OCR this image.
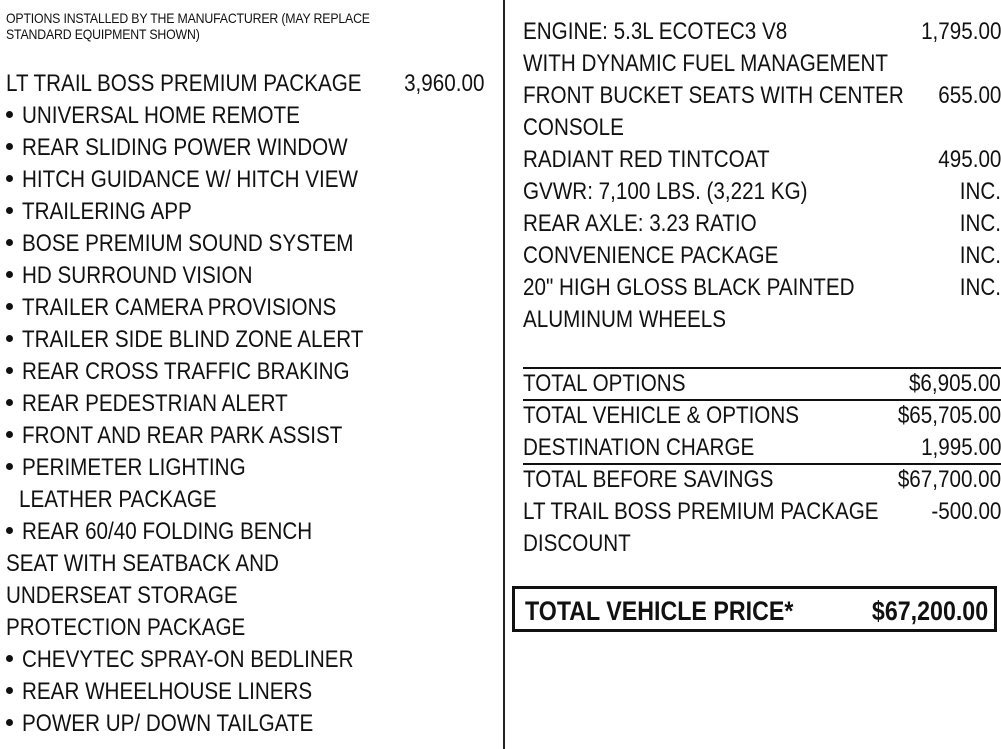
OPTIONS INSTALLED BY THE MANUFACTURER (MAY REPLACE
STANDARD EQUIPMENT SHOWN)
LT TRAIL BOSS PREMIUM PACKAGE	3,960.00
UNIVERSAL HOME REMOTE
REAR SLIDING POWER WINDOW
HITCH GUIDANCE W/ HITCH VIEW
TRAILERING APP
BOSE PREMIUM SOUND SYSTEM
HD SURROUND VISION
TRAILER CAMERA PROVISIONS
TRAILER SIDE BLIND ZONE ALERT
REAR CROSS TRAFFIC BRAKING
REAR PEDESTRIAN ALERT
FRONT AND REAR PARK ASSIST
PERIMETER LIGHTING
LEATHER PACKAGE
REAR 60/40 FOLDING BENCH
SEAT WITH SEATBACK AND
UNDERSEAT STORAGE
PROTECTION PACKAGE
CHEVYTEC SPRAY-ON BEDLINER
REAR WHEELHOUSE LINERS
POWER UP/ DOWN TAILGATE
ENGINE: 5.3L ECOTEC3 V8	1,795.00
WITH DYNAMIC FUEL MANAGEMENT
FRONT BUCKET SEATS WITH CENTER	655.00
CONSOLE
RADIANT RED TINTCOAT	495.00
GVWR: 7,100 LBS. (3,221 KG)	INC.
REAR AXLE: 3.23 RATIO	INC.
CONVENIENCE PACKAGE	INC.
20" HIGH GLOSS BLACK PAINTED	INC.
ALUMINUM WHEELS
TOTAL OPTIONS	$6,905.00
TOTAL VEHICLE & OPTIONS	$65,705.00
DESTINATION CHARGE	1,995.00
TOTAL BEFORE SAVINGS	$67,700.00
LT TRAIL BOSS PREMIUM PACKAGE	-500.00
DISCOUNT
TOTAL VEHICLE PRICE*	$67,200.00
